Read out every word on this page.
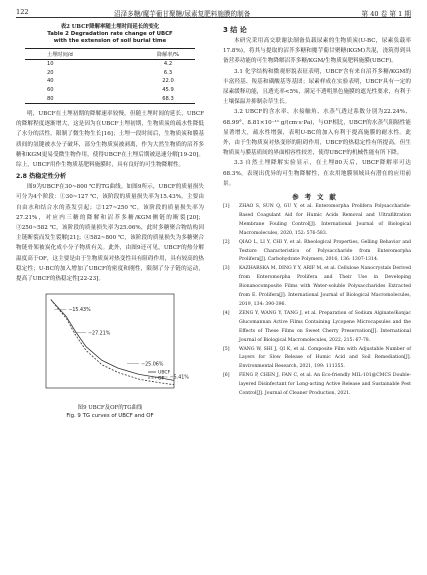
122	沼泽多糖/魔芋葡甘聚糖/尿素复肥料施膜的制备	第 40 卷 第 1 期
表2 UBCF降解率随土埋时间延长的变化
Table 2 Degradation rate change of UBCF
with the extension of soil burial time
土埋时间/d	降解率/%
10	4.2
20	6.3
40	22.0
60	45.9
80	68.3
明，UBCF在土埋初期的降解速率较慢，但随土埋时间的延长，UBCF的降解程度逐渐增大，这是因为在UBCF土埋初期，生物质炭的疏水性降低了水分的活性，限制了微生物生长[16]；土埋一段时间后，生物质炭和膜基质间的氢键被水分子破坏，部分生物质炭被剥离，作为大然生物质的沼芥多糖和KGM更易受微生物作用，使得UBCF在土埋后期被迅速分解[19-20]。综上，UBCF用作生物质基肥料施膜时，具有良好的可生物降解性。
2.8 热稳定性分析
图9为UBCF在30~800 ℃的TG曲线。如图9所示，UBCF的质量损失可分为4个阶段：①30~127 ℃，该阶段的质量损失率为15.43%，主要由自由水和结合水的蒸发引起；②127~250 ℃，该阶段的质量损失率为27.21%，对应内三糖的降解和沼芥多糖/KGM侧链的断裂[20]；③250~582 ℃，该阶段的质量损失率为25.06%，此时多糖聚合物结构因主链断裂而发生裂解[21]；④582~800 ℃，该阶段的质量损失为多糖聚合物链骨架被炭化成小分子物质有关。此外，由图9还可见，UBCF的热分解温度高于OF，这主要是由于生物质炭对热变性具有阻碍作用，具有较高的热稳定性；U-BC的加入增加了UBCF的密度和刚性，限制了分子链的运动，提高了UBCF的热稳定性[22-23]。
−15.43%
−27.21%
−25.06%
−5.41%
UBCF
OF
图9 UBCF及OF的TG曲线
Fig. 9 TG curves of UBCF and OF
3 结 论
本研究采用高交联谢法制备负载尿素的生物质炭(U-BC，尿素负载率17.8%)，将其与提取的沼芥多糖和魔芋葡甘聚糖(KGM)共混，浇筑得到具备营养功能的可生物降解沼芥多糖/KGM/生物质炭肥料施膜(UBCF)。
3.1 化学结构和微观形貌表征表明，UBCF含有来自沼芥多糖/KGM的丰富羟基、羧基和磺酸基等基团；尿素样成在实验表明，UBCF具有一定的尿素缓释功能，且透光率<5%，满足不透明黑色施膜的遮光性要求，有利于土壤保温并抑制杂草生长。
3.2 UBCF的含水率、水接触角、水蒸气透过系数分别为22.24%、68.99°、8.81×10⁻¹¹ g/(cm·s·Pa)，与OF相比，UBCF的水蒸气阻隔性能显著增大，疏水性增强，表明U-BC的加入有利于提高施膜的耐水性。此外，由于生物质炭对热变形的阻碍作用，UBCF的热稳定性有所提高，但生物质炭与膜基质间的界面相容性较差，使得UBCF的机械性能有所下降。
3.3 自然土埋降解实验显示，在土埋80天后，UBCF降解率可达68.3%，表现出优异的可生物降解性，在农用地膜领域具有潜在的应用前景。
参考文献
[1] ZHAO S, SUN Q, GU Y, et al. Enteromorpha Prolifera Polysaccharide-Based Coagulant Aid for Humic Acids Removal and Ultrafiltration Membrane Fouling Control[J]. International Journal of Biological Macromolecules, 2020, 152: 576-583.
[2] QIAO L, LI Y, CHI Y, et al. Rheological Properties, Gelling Behavior and Texture Characteristics of Polysaccharide from Enteromorpha Prolifera[J]. Carbohydrate Polymers, 2016, 136: 1307-1314.
[3] KAZHARSKA M, DING Y Y, ARIF M, et al. Cellulose Nanocrystals Derived from Enteromorpha Prolifera and Their Use in Developing Bionanocomposite Films with Water-soluble Polysaccharides Extracted from E. Prolifera[J]. International Journal of Biological Macromolecules, 2019, 134: 390-396.
[4] ZENG Y, WANG Y, TANG J, et al. Preparation of Sodium Alginate/Konjac Glucomannan Active Films Containing Lycopene Microcapsules and the Effects of These Films on Sweet Cherry Preservation[J]. International Journal of Biological Macromolecules, 2022, 215: 67-78.
[5] WANG W, SHI J, QI K, et al. Composite Film with Adjustable Number of Layers for Slow Release of Humic Acid and Soil Remediation[J]. Environmental Research, 2021, 199: 111355.
[6] FENG P, CHEN J, FAN C, et al. An Eco-friendly MIL-101@CMCS Double-layered Disinfectant for Long-acting Active Release and Sustainable Pest Control[J]. Journal of Cleaner Production, 2021.
